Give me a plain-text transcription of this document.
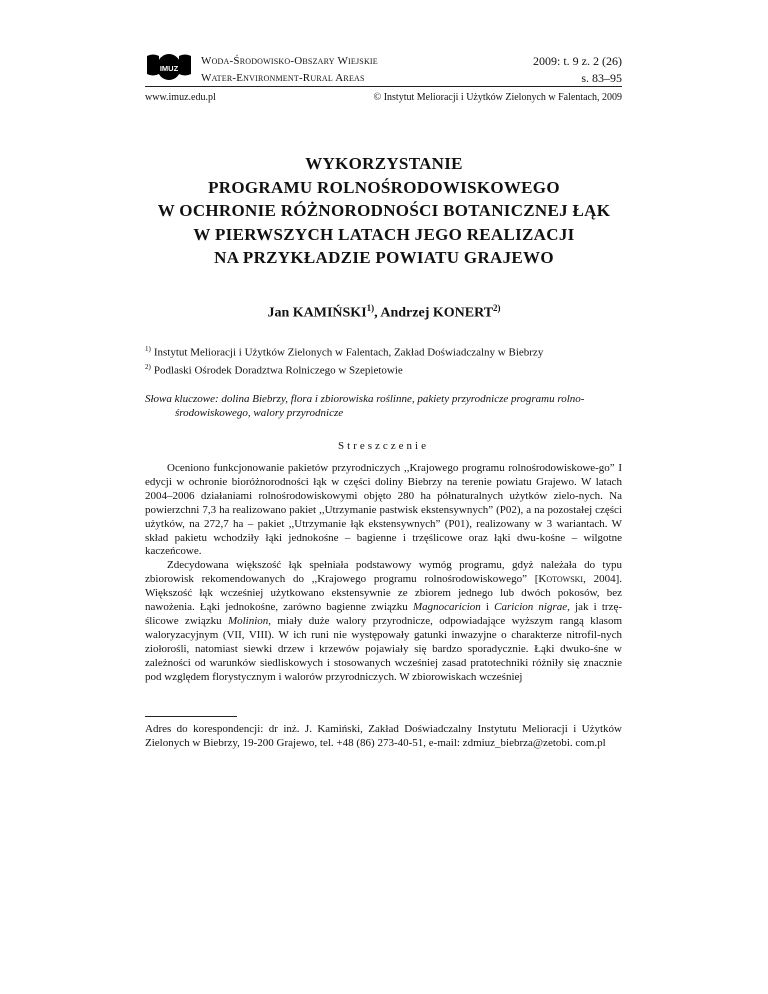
IMUZ
Woda-Środowisko-Obszary Wiejskie
Water-Environment-Rural Areas
2009: t. 9 z. 2 (26)
s. 83–95
www.imuz.edu.pl	© Instytut Melioracji i Użytków Zielonych w Falentach, 2009
WYKORZYSTANIE
PROGRAMU ROLNOŚRODOWISKOWEGO
W OCHRONIE RÓŻNORODNOŚCI BOTANICZNEJ ŁĄK
W PIERWSZYCH LATACH JEGO REALIZACJI
NA PRZYKŁADZIE POWIATU GRAJEWO
Jan KAMIŃSKI$^{1)}$, Andrzej KONERT$^{2)}$
$^{1)}$ Instytut Melioracji i Użytków Zielonych w Falentach, Zakład Doświadczalny w Biebrzy
$^{2)}$ Podlaski Ośrodek Doradztwa Rolniczego w Szepietowie
Słowa kluczowe: dolina Biebrzy, flora i zbiorowiska roślinne, pakiety przyrodnicze programu rolno-
środowiskowego, walory przyrodnicze
Streszczenie

Oceniono funkcjonowanie pakietów przyrodniczych ,,Krajowego programu rolnośrodowiskowe-go” I edycji w ochronie bioróżnorodności łąk w części doliny Biebrzy na terenie powiatu Grajewo. W latach 2004–2006 działaniami rolnośrodowiskowymi objęto 280 ha półnaturalnych użytków zielo-nych. Na powierzchni 7,3 ha realizowano pakiet ,,Utrzymanie pastwisk ekstensywnych” (P02), a na pozostałej części użytków, na 272,7 ha – pakiet ,,Utrzymanie łąk ekstensywnych” (P01), realizowany w 3 wariantach. W skład pakietu wchodziły łąki jednokośne – bagienne i trzęślicowe oraz łąki dwu-kośne – wilgotne kaczeńcowe.

Zdecydowana większość łąk spełniała podstawowy wymóg programu, gdyż należała do typu zbiorowisk rekomendowanych do ,,Krajowego programu rolnośrodowiskowego” [Kotowski, 2004]. Większość łąk wcześniej użytkowano ekstensywnie ze zbiorem jednego lub dwóch pokosów, bez nawożenia. Łąki jednokośne, zarówno bagienne związku Magnocaricion i Caricion nigrae, jak i trzę-ślicowe związku Molinion, miały duże walory przyrodnicze, odpowiadające wyższym rangą klasom waloryzacyjnym (VII, VIII). W ich runi nie występowały gatunki inwazyjne o charakterze nitrofil-nych ziołorośli, natomiast siewki drzew i krzewów pojawiały się bardzo sporadycznie. Łąki dwuko-śne w zależności od warunków siedliskowych i stosowanych wcześniej zasad pratotechniki różniły się znacznie pod względem florystycznym i walorów przyrodniczych. W zbiorowiskach wcześniej

Adres do korespondencji: dr inż. J. Kamiński, Zakład Doświadczalny Instytutu Melioracji i Użytków Zielonych w Biebrzy, 19-200 Grajewo, tel. +48 (86) 273-40-51, e-mail: zdmiuz_biebrza@zetobi. com.pl
